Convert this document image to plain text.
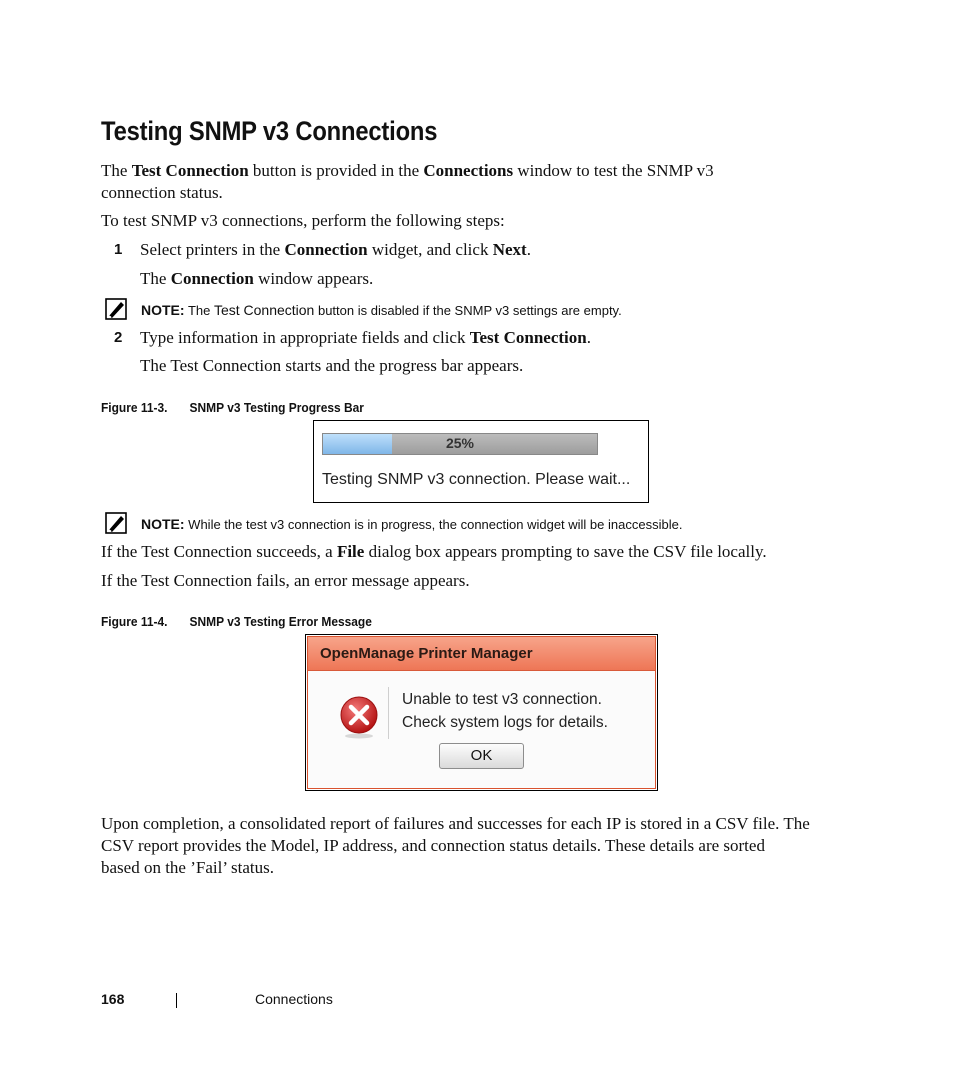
Testing SNMP v3 Connections
The Test Connection button is provided in the Connections window to test the SNMP v3
connection status.
To test SNMP v3 connections, perform the following steps:
1 Select printers in the Connection widget, and click Next.
The Connection window appears.
NOTE: The Test Connection button is disabled if the SNMP v3 settings are empty.
2 Type information in appropriate fields and click Test Connection.
The Test Connection starts and the progress bar appears.
Figure 11-3. SNMP v3 Testing Progress Bar
25%
Testing SNMP v3 connection. Please wait...
NOTE: While the test v3 connection is in progress, the connection widget will be inaccessible.
If the Test Connection succeeds, a File dialog box appears prompting to save the CSV file locally.
If the Test Connection fails, an error message appears.
Figure 11-4. SNMP v3 Testing Error Message
OpenManage Printer Manager
Unable to test v3 connection.
Check system logs for details.
OK
Upon completion, a consolidated report of failures and successes for each IP is stored in a CSV file. The
CSV report provides the Model, IP address, and connection status details. These details are sorted
based on the ’Fail’ status.
168	Connections
